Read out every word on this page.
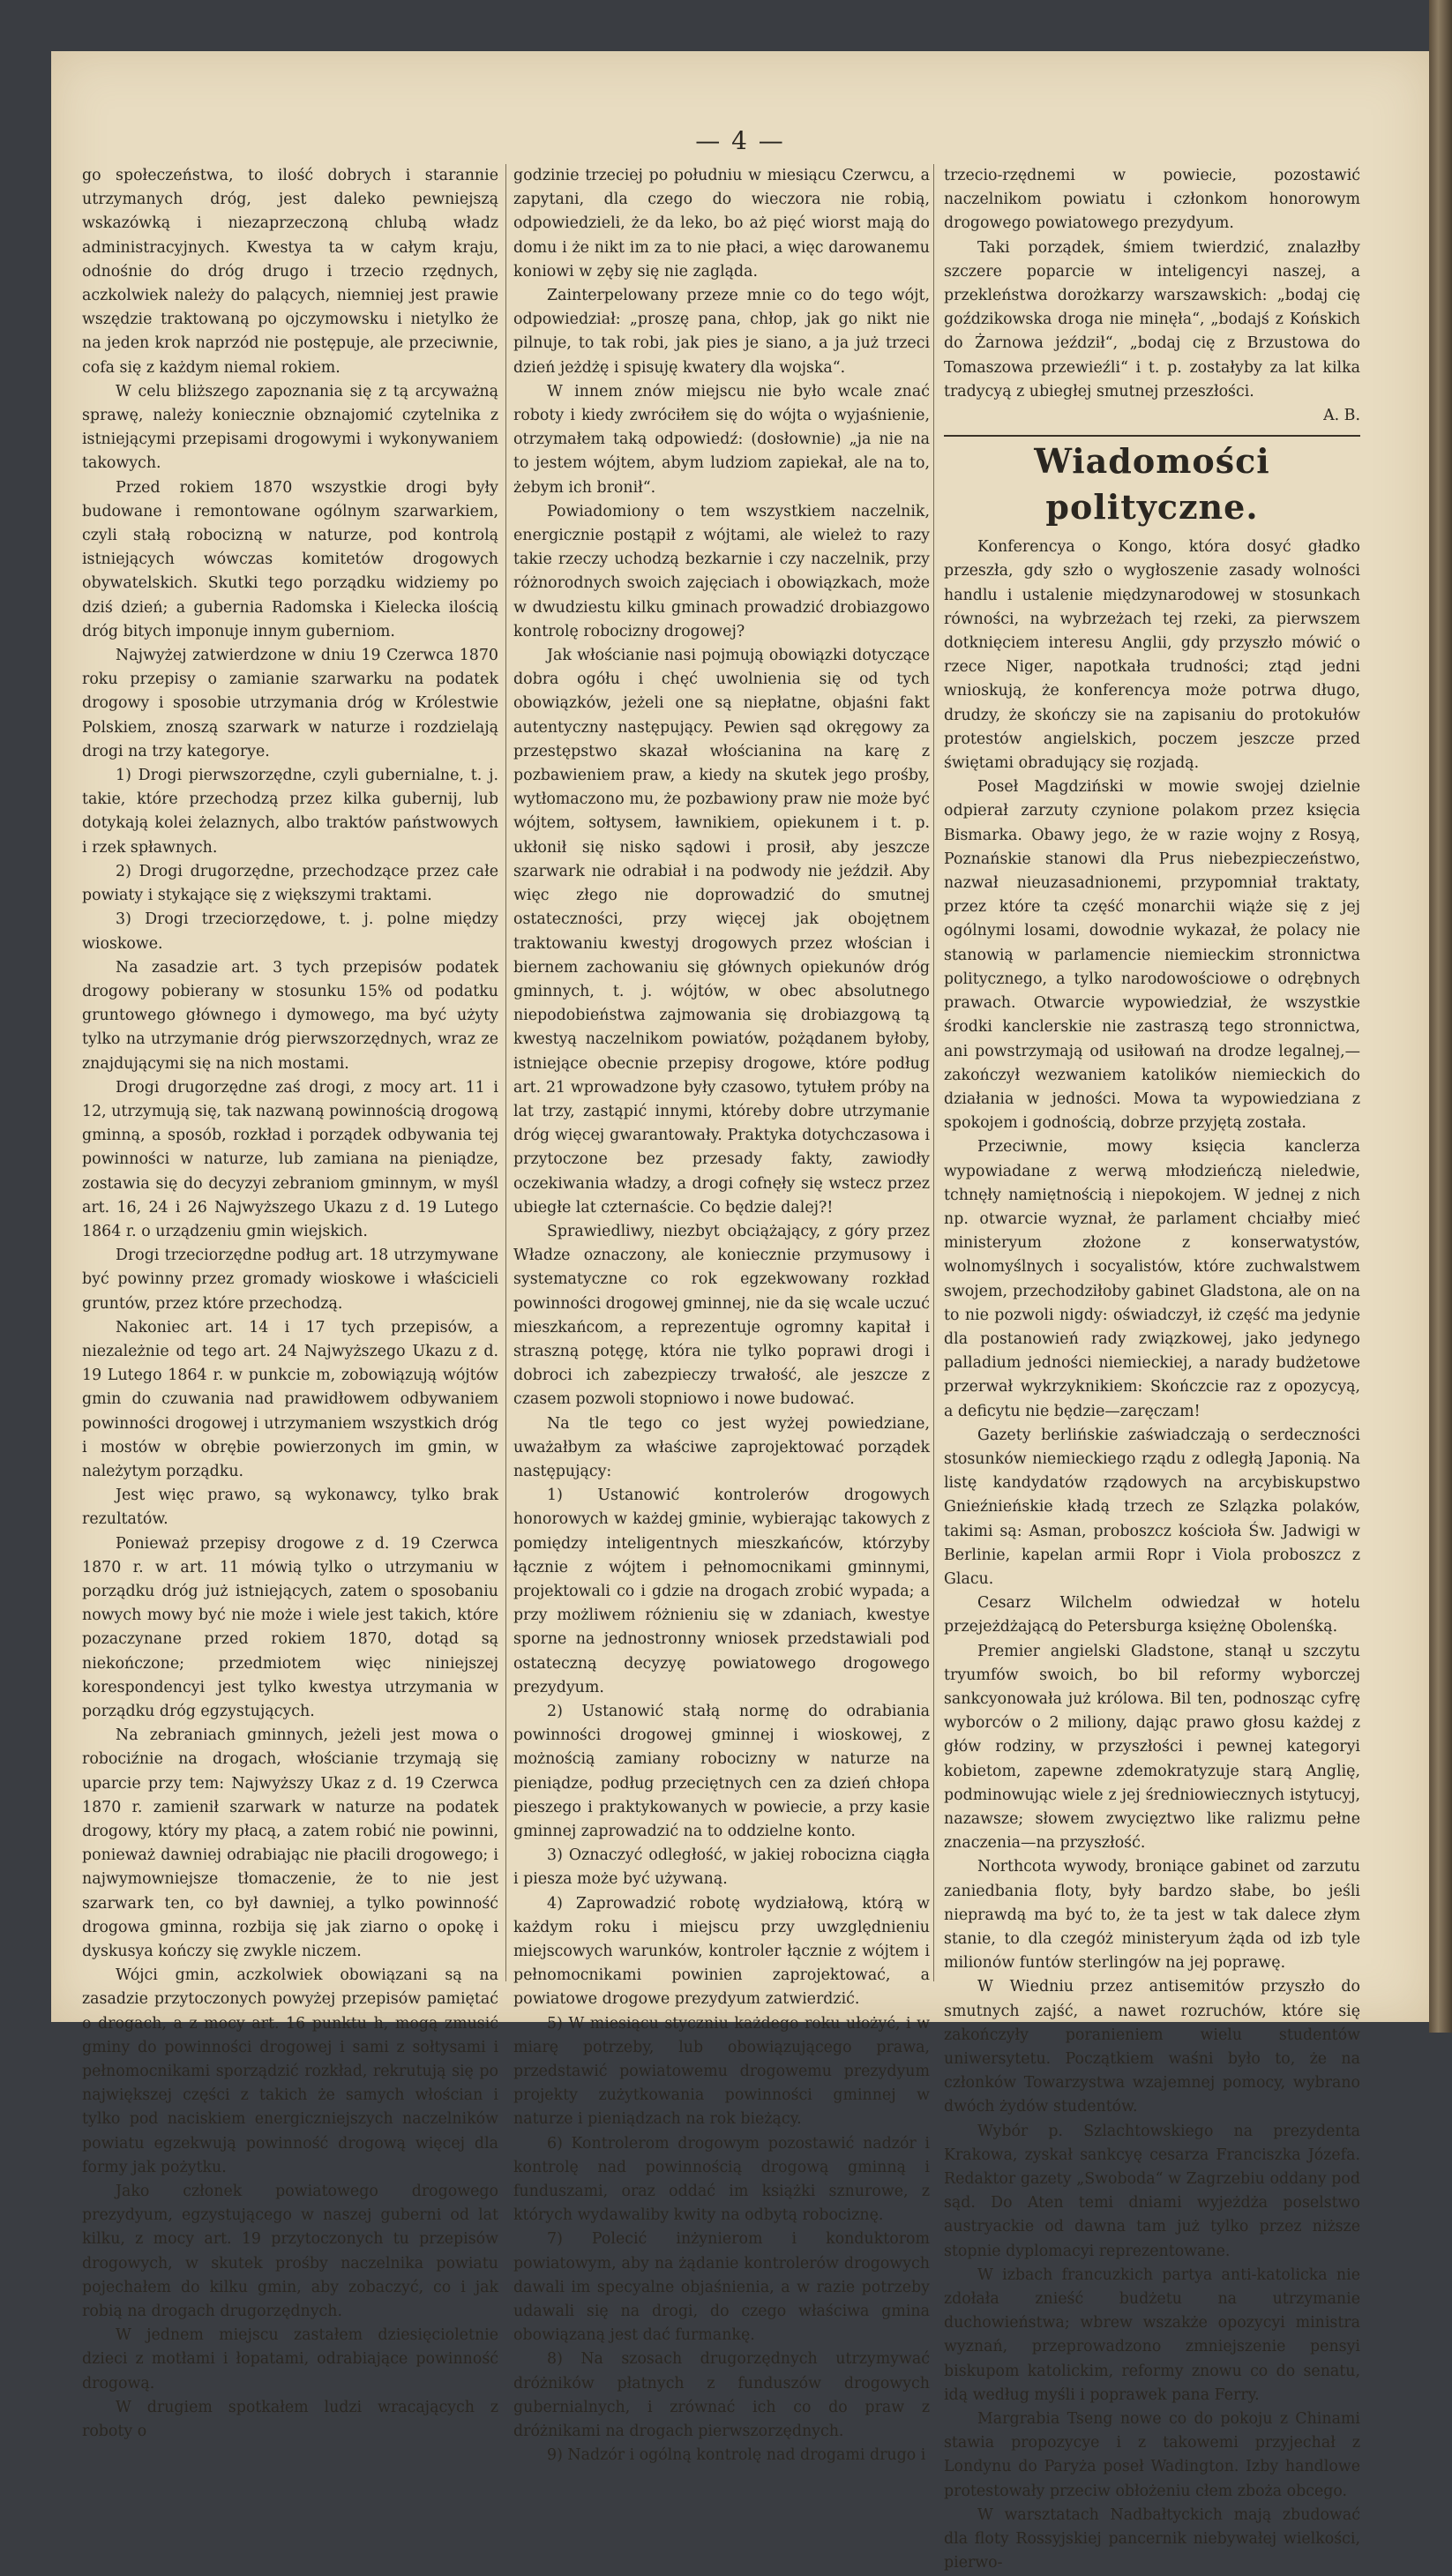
— 4 —

go społeczeństwa, to ilość dobrych i starannie utrzymanych dróg, jest daleko pewniejszą wskazówką i niezaprzeczoną chlubą władz administracyjnych. Kwestya ta w całym kraju, odnośnie do dróg drugo i trzecio rzędnych, aczkolwiek należy do palących, niemniej jest prawie wszędzie traktowaną po ojczymowsku i nietylko że na jeden krok naprzód nie postępuje, ale przeciwnie, cofa się z każdym niemal rokiem.

W celu bliższego zapoznania się z tą arcyważną sprawę, należy koniecznie obznajomić czytelnika z istniejącymi przepisami drogowymi i wykonywaniem takowych.

Przed rokiem 1870 wszystkie drogi były budowane i remontowane ogólnym szarwarkiem, czyli stałą robocizną w naturze, pod kontrolą istniejących wówczas komitetów drogowych obywatelskich. Skutki tego porządku widziemy po dziś dzień; a gubernia Radomska i Kielecka ilością dróg bitych imponuje innym guberniom.

Najwyżej zatwierdzone w dniu 19 Czerwca 1870 roku przepisy o zamianie szarwarku na podatek drogowy i sposobie utrzymania dróg w Królestwie Polskiem, znoszą szarwark w naturze i rozdzielają drogi na trzy kategorye.

1) Drogi pierwszorzędne, czyli gubernialne, t. j. takie, które przechodzą przez kilka gubernij, lub dotykają kolei żelaznych, albo traktów państwowych i rzek spławnych.

2) Drogi drugorzędne, przechodzące przez całe powiaty i stykające się z większymi traktami.

3) Drogi trzeciorzędowe, t. j. polne między wioskowe.

Na zasadzie art. 3 tych przepisów podatek drogowy pobierany w stosunku 15% od podatku gruntowego głównego i dymowego, ma być użyty tylko na utrzymanie dróg pierwszorzędnych, wraz ze znajdującymi się na nich mostami.

Drogi drugorzędne zaś drogi, z mocy art. 11 i 12, utrzymują się, tak nazwaną powinnością drogową gminną, a sposób, rozkład i porządek odbywania tej powinności w naturze, lub zamiana na pieniądze, zostawia się do decyzyi zebraniom gminnym, w myśl art. 16, 24 i 26 Najwyższego Ukazu z d. 19 Lutego 1864 r. o urządzeniu gmin wiejskich.

Drogi trzeciorzędne podług art. 18 utrzymywane być powinny przez gromady wioskowe i właścicieli gruntów, przez które przechodzą.

Nakoniec art. 14 i 17 tych przepisów, a niezależnie od tego art. 24 Najwyższego Ukazu z d. 19 Lutego 1864 r. w punkcie m, zobowiązują wójtów gmin do czuwania nad prawidłowem odbywaniem powinności drogowej i utrzymaniem wszystkich dróg i mostów w obrębie powierzonych im gmin, w należytym porządku.

Jest więc prawo, są wykonawcy, tylko brak rezultatów.

Ponieważ przepisy drogowe z d. 19 Czerwca 1870 r. w art. 11 mówią tylko o utrzymaniu w porządku dróg już istniejących, zatem o sposobaniu nowych mowy być nie może i wiele jest takich, które pozaczynane przed rokiem 1870, dotąd są niekończone; przedmiotem więc niniejszej korespondencyi jest tylko kwestya utrzymania w porządku dróg egzystujących.

Na zebraniach gminnych, jeżeli jest mowa o robociźnie na drogach, włościanie trzymają się uparcie przy tem: Najwyższy Ukaz z d. 19 Czerwca 1870 r. zamienił szarwark w naturze na podatek drogowy, który my płacą, a zatem robić nie powinni, ponieważ dawniej odrabiając nie płacili drogowego; i najwymowniejsze tłomaczenie, że to nie jest szarwark ten, co był dawniej, a tylko powinność drogowa gminna, rozbija się jak ziarno o opokę i dyskusya kończy się zwykle niczem.

Wójci gmin, aczkolwiek obowiązani są na zasadzie przytoczonych powyżej przepisów pamiętać o drogach, a z mocy art. 16 punktu h, mogą zmusić gminy do powinności drogowej i sami z sołtysami i pełnomocnikami sporządzić rozkład, rekrutują się po największej części z takich że samych włościan i tylko pod naciskiem energiczniejszych naczelników powiatu egzekwują powinność drogową więcej dla formy jak pożytku.

Jako członek powiatowego drogowego prezydyum, egzystującego w naszej guberni od lat kilku, z mocy art. 19 przytoczonych tu przepisów drogowych, w skutek prośby naczelnika powiatu pojechałem do kilku gmin, aby zobaczyć, co i jak robią na drogach drugorzędnych.

W jednem miejscu zastałem dziesięcioletnie dzieci z motłami i łopatami, odrabiające powinność drogową.

W drugiem spotkałem ludzi wracających z roboty o

godzinie trzeciej po południu w miesiącu Czerwcu, a zapytani, dla czego do wieczora nie robią, odpowiedzieli, że da leko, bo aż pięć wiorst mają do domu i że nikt im za to nie płaci, a więc darowanemu koniowi w zęby się nie zagląda.

Zainterpelowany przeze mnie co do tego wójt, odpowiedział: „proszę pana, chłop, jak go nikt nie pilnuje, to tak robi, jak pies je siano, a ja już trzeci dzień jeżdżę i spisuję kwatery dla wojska“.

W innem znów miejscu nie było wcale znać roboty i kiedy zwróciłem się do wójta o wyjaśnienie, otrzymałem taką odpowiedź: (dosłownie) „ja nie na to jestem wójtem, abym ludziom zapiekał, ale na to, żebym ich bronił“.

Powiadomiony o tem wszystkiem naczelnik, energicznie postąpił z wójtami, ale wieleż to razy takie rzeczy uchodzą bezkarnie i czy naczelnik, przy różnorodnych swoich zajęciach i obowiązkach, może w dwudziestu kilku gminach prowadzić drobiazgowo kontrolę robocizny drogowej?

Jak włościanie nasi pojmują obowiązki dotyczące dobra ogółu i chęć uwolnienia się od tych obowiązków, jeżeli one są niepłatne, objaśni fakt autentyczny następujący. Pewien sąd okręgowy za przestępstwo skazał włościanina na karę z pozbawieniem praw, a kiedy na skutek jego prośby, wytłomaczono mu, że pozbawiony praw nie może być wójtem, sołtysem, ławnikiem, opiekunem i t. p. ukłonił się nisko sądowi i prosił, aby jeszcze szarwark nie odrabiał i na podwody nie jeździł. Aby więc złego nie doprowadzić do smutnej ostateczności, przy więcej jak obojętnem traktowaniu kwestyj drogowych przez włościan i biernem zachowaniu się głównych opiekunów dróg gminnych, t. j. wójtów, w obec absolutnego niepodobieństwa zajmowania się drobiazgową tą kwestyą naczelnikom powiatów, pożądanem byłoby, istniejące obecnie przepisy drogowe, które podług art. 21 wprowadzone były czasowo, tytułem próby na lat trzy, zastąpić innymi, któreby dobre utrzymanie dróg więcej gwarantowały. Praktyka dotychczasowa i przytoczone bez przesady fakty, zawiodły oczekiwania władzy, a drogi cofnęły się wstecz przez ubiegłe lat czternaście. Co będzie dalej?!

Sprawiedliwy, niezbyt obciążający, z góry przez Władze oznaczony, ale koniecznie przymusowy i systematyczne co rok egzekwowany rozkład powinności drogowej gminnej, nie da się wcale uczuć mieszkańcom, a reprezentuje ogromny kapitał i straszną potęgę, która nie tylko poprawi drogi i dobroci ich zabezpieczy trwałość, ale jeszcze z czasem pozwoli stopniowo i nowe budować.

Na tle tego co jest wyżej powiedziane, uważałbym za właściwe zaprojektować porządek następujący:

1) Ustanowić kontrolerów drogowych honorowych w każdej gminie, wybierając takowych z pomiędzy inteligentnych mieszkańców, którzyby łącznie z wójtem i pełnomocnikami gminnymi, projektowali co i gdzie na drogach zrobić wypada; a przy możliwem różnieniu się w zdaniach, kwestye sporne na jednostronny wniosek przedstawiali pod ostateczną decyzyę powiatowego drogowego prezydyum.

2) Ustanowić stałą normę do odrabiania powinności drogowej gminnej i wioskowej, z możnością zamiany robocizny w naturze na pieniądze, podług przeciętnych cen za dzień chłopa pieszego i praktykowanych w powiecie, a przy kasie gminnej zaprowadzić na to oddzielne konto.

3) Oznaczyć odległość, w jakiej robocizna ciągła i piesza może być używaną.

4) Zaprowadzić robotę wydziałową, którą w każdym roku i miejscu przy uwzględnieniu miejscowych warunków, kontroler łącznie z wójtem i pełnomocnikami powinien zaprojektować, a powiatowe drogowe prezydyum zatwierdzić.

5) W miesiącu styczniu każdego roku ułożyć, i w miarę potrzeby, lub obowiązującego prawa, przedstawić powiatowemu drogowemu prezydyum projekty zużytkowania powinności gminnej w naturze i pieniądzach na rok bieżący.

6) Kontrolerom drogowym pozostawić nadzór i kontrolę nad powinnością drogową gminną i funduszami, oraz oddać im książki sznurowe, z których wydawaliby kwity na odbytą robociznę.

7) Polecić inżynierom i konduktorom powiatowym, aby na żądanie kontrolerów drogowych dawali im specyalne objaśnienia, a w razie potrzeby udawali się na drogi, do czego właściwa gmina obowiązaną jest dać furmankę.

8) Na szosach drugorzędnych utrzymywać dróżników płatnych z funduszów drogowych gubernialnych, i zrównać ich co do praw z dróżnikami na drogach pierwszorzędnych.

9) Nadzór i ogólną kontrolę nad drogami drugo i

trzecio-rzędnemi w powiecie, pozostawić naczelnikom powiatu i członkom honorowym drogowego powiatowego prezydyum.

Taki porządek, śmiem twierdzić, znalazłby szczere poparcie w inteligencyi naszej, a przekleństwa dorożkarzy warszawskich: „bodaj cię goździkowska droga nie minęła“, „bodajś z Końskich do Żarnowa jeździł“, „bodaj cię z Brzustowa do Tomaszowa przewieźli“ i t. p. zostałyby za lat kilka tradycyą z ubiegłej smutnej przeszłości.

A. B.

Wiadomości polityczne.

Konferencya o Kongo, która dosyć gładko przeszła, gdy szło o wygłoszenie zasady wolności handlu i ustalenie międzynarodowej w stosunkach równości, na wybrzeżach tej rzeki, za pierwszem dotknięciem interesu Anglii, gdy przyszło mówić o rzece Niger, napotkała trudności; ztąd jedni wnioskują, że konferencya może potrwa długo, drudzy, że skończy sie na zapisaniu do protokułów protestów angielskich, poczem jeszcze przed świętami obradujący się rozjadą.

Poseł Magdziński w mowie swojej dzielnie odpierał zarzuty czynione polakom przez księcia Bismarka. Obawy jego, że w razie wojny z Rosyą, Poznańskie stanowi dla Prus niebezpieczeństwo, nazwał nieuzasadnionemi, przypomniał traktaty, przez które ta część monarchii wiąże się z jej ogólnymi losami, dowodnie wykazał, że polacy nie stanowią w parlamencie niemieckim stronnictwa politycznego, a tylko narodowościowe o odrębnych prawach. Otwarcie wypowiedział, że wszystkie środki kanclerskie nie zastraszą tego stronnictwa, ani powstrzymają od usiłowań na drodze legalnej,—zakończył wezwaniem katolików niemieckich do działania w jedności. Mowa ta wypowiedziana z spokojem i godnością, dobrze przyjętą została.

Przeciwnie, mowy księcia kanclerza wypowiadane z werwą młodzieńczą nieledwie, tchnęły namiętnością i niepokojem. W jednej z nich np. otwarcie wyznał, że parlament chciałby mieć ministeryum złożone z konserwatystów, wolnomyślnych i socyalistów, które zuchwalstwem swojem, przechodziłoby gabinet Gladstona, ale on na to nie pozwoli nigdy: oświadczył, iż część ma jedynie dla postanowień rady związkowej, jako jedynego palladium jedności niemieckiej, a narady budżetowe przerwał wykrzyknikiem: Skończcie raz z opozycyą, a deficytu nie będzie—zaręczam!

Gazety berlińskie zaświadczają o serdeczności stosunków niemieckiego rządu z odległą Japonią. Na listę kandydatów rządowych na arcybiskupstwo Gnieźnieńskie kładą trzech ze Szlązka polaków, takimi są: Asman, proboszcz kościoła Św. Jadwigi w Berlinie, kapelan armii Ropr i Viola proboszcz z Glacu.

Cesarz Wilchelm odwiedzał w hotelu przejeżdżającą do Petersburga księżnę Obolenśką.

Premier angielski Gladstone, stanął u szczytu tryumfów swoich, bo bil reformy wyborczej sankcyonowała już królowa. Bil ten, podnosząc cyfrę wyborców o 2 miliony, dając prawo głosu każdej z głów rodziny, w przyszłości i pewnej kategoryi kobietom, zapewne zdemokratyzuje starą Anglię, podminowując wiele z jej średniowiecznych istytucyj, nazawsze; słowem zwycięztwo like ralizmu pełne znaczenia—na przyszłość.

Northcota wywody, broniące gabinet od zarzutu zaniedbania floty, były bardzo słabe, bo jeśli nieprawdą ma być to, że ta jest w tak dalece złym stanie, to dla czegóż ministeryum żąda od izb tyle milionów funtów sterlingów na jej poprawę.

W Wiedniu przez antisemitów przyszło do smutnych zajść, a nawet rozruchów, które się zakończyły poranieniem wielu studentów uniwersytetu. Początkiem waśni było to, że na członków Towarzystwa wzajemnej pomocy, wybrano dwóch żydów studentów.

Wybór p. Szlachtowskiego na prezydenta Krakowa, zyskał sankcyę cesarza Franciszka Józefa. Redaktor gazety „Swoboda“ w Zagrzebiu oddany pod sąd. Do Aten temi dniami wyjeżdża poselstwo austryackie od dawna tam już tylko przez niższe stopnie dyplomacyi reprezentowane.

W izbach francuzkich partya anti-katolicka nie zdołała znieść budżetu na utrzymanie duchowieństwa; wbrew wszakże opozycyi ministra wyznań, przeprowadzono zmniejszenie pensyi biskupom katolickim, reformy znowu co do senatu, idą według myśli i poprawek pana Ferry.

Margrabia Tseng nowe co do pokoju z Chinami stawia propozycye i z takowemi przyjechał z Londynu do Paryża poseł Wadington. Izby handlowe protestowały przeciw obłożeniu cłem zboża obcego.

W warsztatach Nadbałtyckich mają zbudować dla floty Rossyjskiej pancernik niebywałej wielkości, pierwo-
